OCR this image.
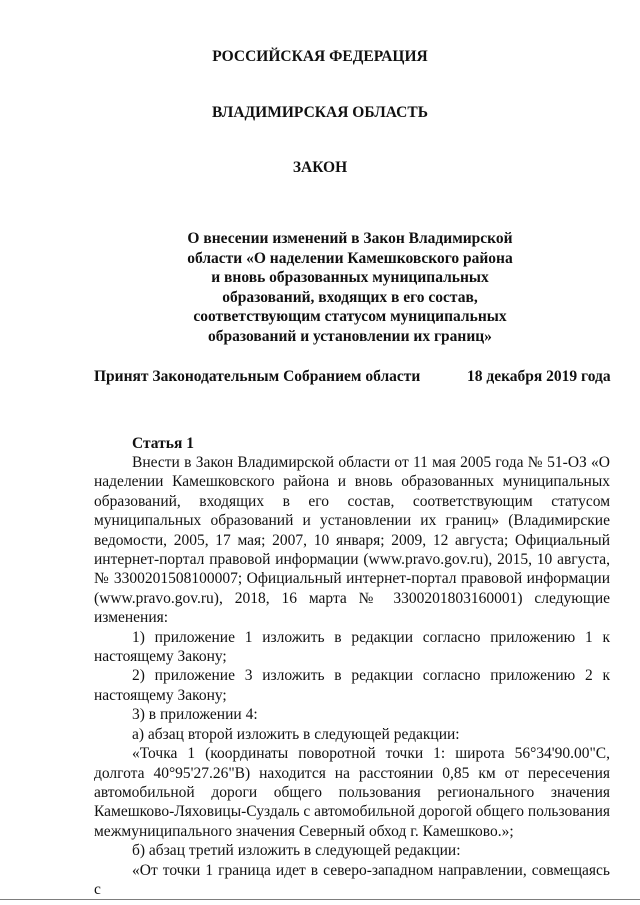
РОССИЙСКАЯ ФЕДЕРАЦИЯ
ВЛАДИМИРСКАЯ ОБЛАСТЬ
ЗАКОН
О внесении изменений в Закон Владимирской
области «О наделении Камешковского района
и вновь образованных муниципальных
образований, входящих в его состав,
соответствующим статусом муниципальных
образований и установлении их границ»
Принят Законодательным Собранием области	18 декабря 2019 года
Статья 1

Внести в Закон Владимирской области от 11 мая 2005 года № 51-ОЗ «О наделении Камешковского района и вновь образованных муниципальных образований, входящих в его состав, соответствующим статусом муниципальных образований и установлении их границ» (Владимирские ведомости, 2005, 17 мая; 2007, 10 января; 2009, 12 августа; Официальный интернет-портал правовой информации (www.pravo.gov.ru), 2015, 10 августа, № 3300201508100007; Официальный интернет-портал правовой информации (www.pravo.gov.ru), 2018, 16 марта № 3300201803160001) следующие изменения:

1) приложение 1 изложить в редакции согласно приложению 1 к настоящему Закону;

2) приложение 3 изложить в редакции согласно приложению 2 к настоящему Закону;

3) в приложении 4:

а) абзац второй изложить в следующей редакции:

«Точка 1 (координаты поворотной точки 1: широта 56°34'90.00"С, долгота 40°95'27.26"В) находится на расстоянии 0,85 км от пересечения автомобильной дороги общего пользования регионального значения Камешково-Ляховицы-Суздаль с автомобильной дорогой общего пользования межмуниципального значения Северный обход г. Камешково.»;

б) абзац третий изложить в следующей редакции:

«От точки 1 граница идет в северо-западном направлении, совмещаясь с
